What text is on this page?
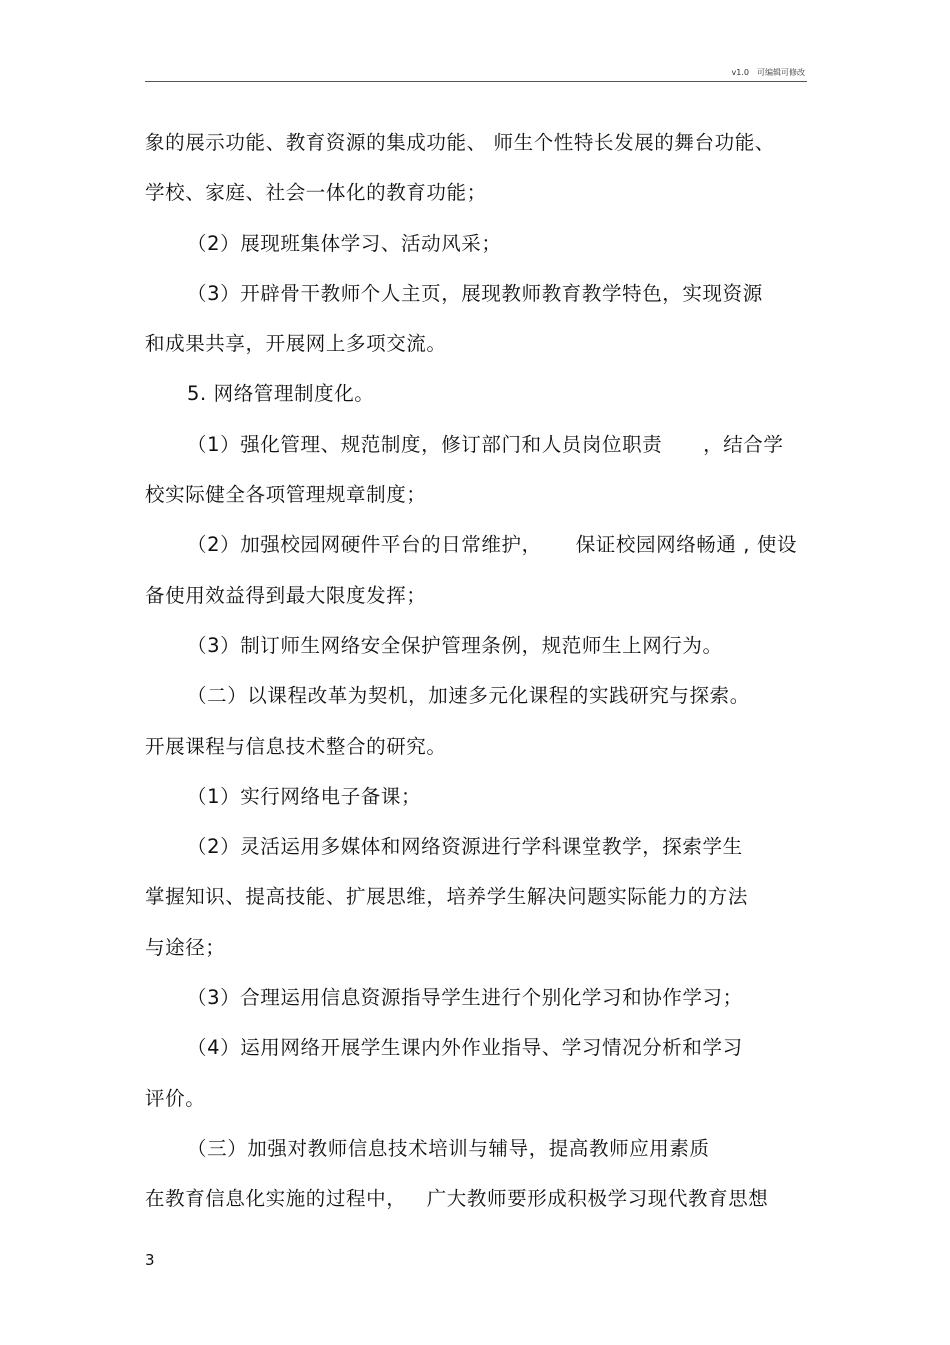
v1.0　可编辑可修改
象的展示功能、教育资源的集成功能、 师生个性特长发展的舞台功能、
学校、家庭、社会一体化的教育功能；
（2）展现班集体学习、活动风采；
（3）开辟骨干教师个人主页，展现教师教育教学特色，实现资源
和成果共享，开展网上多项交流。
5. 网络管理制度化。
（1）强化管理、规范制度，修订部门和人员岗位职责      ，结合学
校实际健全各项管理规章制度；
（2）加强校园网硬件平台的日常维护，     保证校园网络畅通 , 使设
备使用效益得到最大限度发挥；
（3）制订师生网络安全保护管理条例，规范师生上网行为。
（二）以课程改革为契机，加速多元化课程的实践研究与探索。
开展课程与信息技术整合的研究。
（1）实行网络电子备课；
（2）灵活运用多媒体和网络资源进行学科课堂教学，探索学生
掌握知识、提高技能、扩展思维，培养学生解决问题实际能力的方法
与途径；
（3）合理运用信息资源指导学生进行个别化学习和协作学习；
（4）运用网络开展学生课内外作业指导、学习情况分析和学习
评价。
（三）加强对教师信息技术培训与辅导，提高教师应用素质
在教育信息化实施的过程中，   广大教师要形成积极学习现代教育思想
3
